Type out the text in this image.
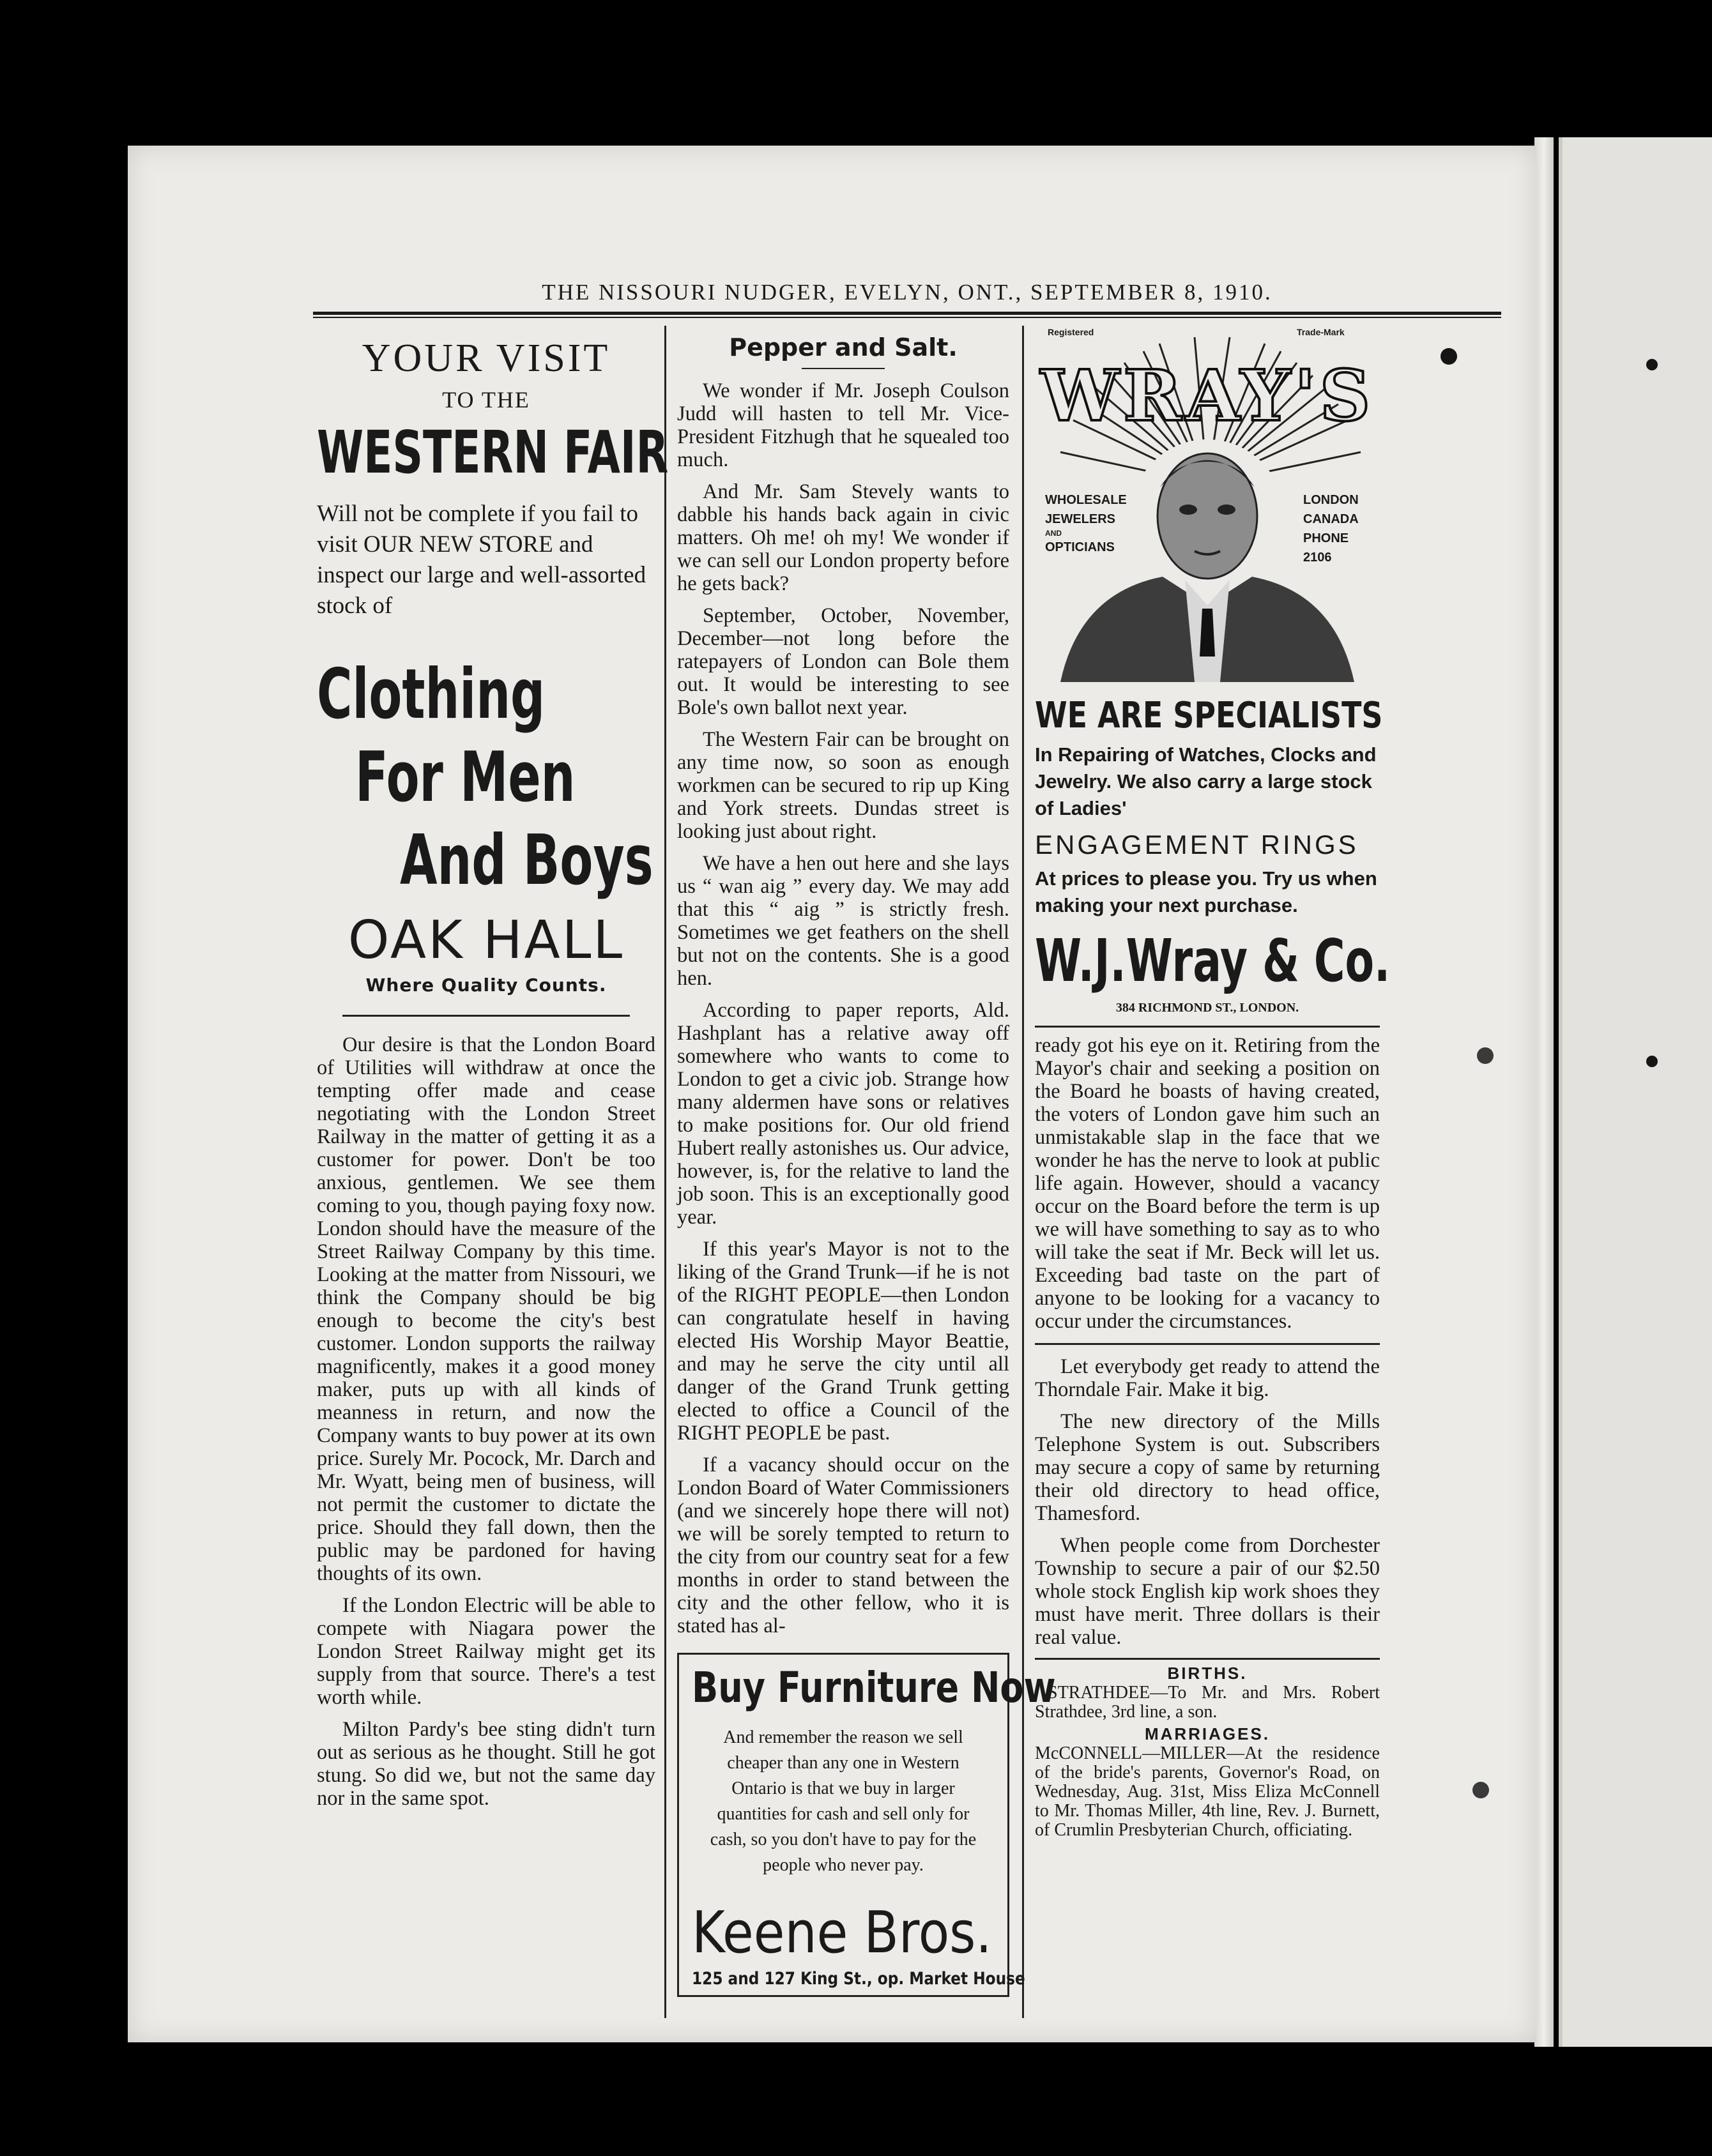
THE NISSOURI NUDGER, EVELYN, ONT., SEPTEMBER 8, 1910.
YOUR VISIT
TO THE
WESTERN FAIR
Will not be complete if you fail to visit OUR NEW STORE and inspect our large and well-assorted stock of
Clothing
For Men
And Boys
OAK HALL
Where Quality Counts.

Our desire is that the London Board of Utilities will withdraw at once the tempting offer made and cease negotiating with the London Street Railway in the matter of getting it as a customer for power. Don't be too anxious, gentlemen. We see them coming to you, though paying foxy now. London should have the measure of the Street Railway Company by this time. Looking at the matter from Nissouri, we think the Company should be big enough to become the city's best customer. London supports the railway magnificently, makes it a good money maker, puts up with all kinds of meanness in return, and now the Company wants to buy power at its own price. Surely Mr. Pocock, Mr. Darch and Mr. Wyatt, being men of business, will not permit the customer to dictate the price. Should they fall down, then the public may be pardoned for having thoughts of its own.

If the London Electric will be able to compete with Niagara power the London Street Railway might get its supply from that source. There's a test worth while.

Milton Pardy's bee sting didn't turn out as serious as he thought. Still he got stung. So did we, but not the same day nor in the same spot.

Pepper and Salt.

We wonder if Mr. Joseph Coulson Judd will hasten to tell Mr. Vice-President Fitzhugh that he squealed too much.

And Mr. Sam Stevely wants to dabble his hands back again in civic matters. Oh me! oh my! We wonder if we can sell our London property before he gets back?

September, October, November, December—not long before the ratepayers of London can Bole them out. It would be interesting to see Bole's own ballot next year.

The Western Fair can be brought on any time now, so soon as enough workmen can be secured to rip up King and York streets. Dundas street is looking just about right.

We have a hen out here and she lays us “ wan aig ” every day. We may add that this “ aig ” is strictly fresh. Sometimes we get feathers on the shell but not on the contents. She is a good hen.

According to paper reports, Ald. Hashplant has a relative away off somewhere who wants to come to London to get a civic job. Strange how many aldermen have sons or relatives to make positions for. Our old friend Hubert really astonishes us. Our advice, however, is, for the relative to land the job soon. This is an exceptionally good year.

If this year's Mayor is not to the liking of the Grand Trunk—if he is not of the RIGHT PEOPLE—then London can congratulate heself in having elected His Worship Mayor Beattie, and may he serve the city until all danger of the Grand Trunk getting elected to office a Council of the RIGHT PEOPLE be past.

If a vacancy should occur on the London Board of Water Commissioners (and we sincerely hope there will not) we will be sorely tempted to return to the city from our country seat for a few months in order to stand between the city and the other fellow, who it is stated has al-

Buy Furniture Now
And remember the reason we sell cheaper than any one in Western Ontario is that we buy in larger quantities for cash and sell only for cash, so you don't have to pay for the people who never pay.
Keene Bros.
125 and 127 King St., op. Market House
Registered	Trade-Mark
WRAY'S
WHOLESALE
JEWELERS
AND
OPTICIANS
LONDON
CANADA
PHONE
2106
WE ARE SPECIALISTS
In Repairing of Watches, Clocks and Jewelry. We also carry a large stock of Ladies'
ENGAGEMENT RINGS
At prices to please you. Try us when making your next purchase.
W.J.Wray & Co.
384 RICHMOND ST., LONDON.

ready got his eye on it. Retiring from the Mayor's chair and seeking a position on the Board he boasts of having created, the voters of London gave him such an unmistakable slap in the face that we wonder he has the nerve to look at public life again. However, should a vacancy occur on the Board before the term is up we will have something to say as to who will take the seat if Mr. Beck will let us. Exceeding bad taste on the part of anyone to be looking for a vacancy to occur under the circumstances.

Let everybody get ready to attend the Thorndale Fair. Make it big.

The new directory of the Mills Telephone System is out. Subscribers may secure a copy of same by returning their old directory to head office, Thamesford.

When people come from Dorchester Township to secure a pair of our $2.50 whole stock English kip work shoes they must have merit. Three dollars is their real value.

BIRTHS.

STRATHDEE—To Mr. and Mrs. Robert Strathdee, 3rd line, a son.

MARRIAGES.

McCONNELL—MILLER—At the residence of the bride's parents, Governor's Road, on Wednesday, Aug. 31st, Miss Eliza McConnell to Mr. Thomas Miller, 4th line, Rev. J. Burnett, of Crumlin Presbyterian Church, officiating.
